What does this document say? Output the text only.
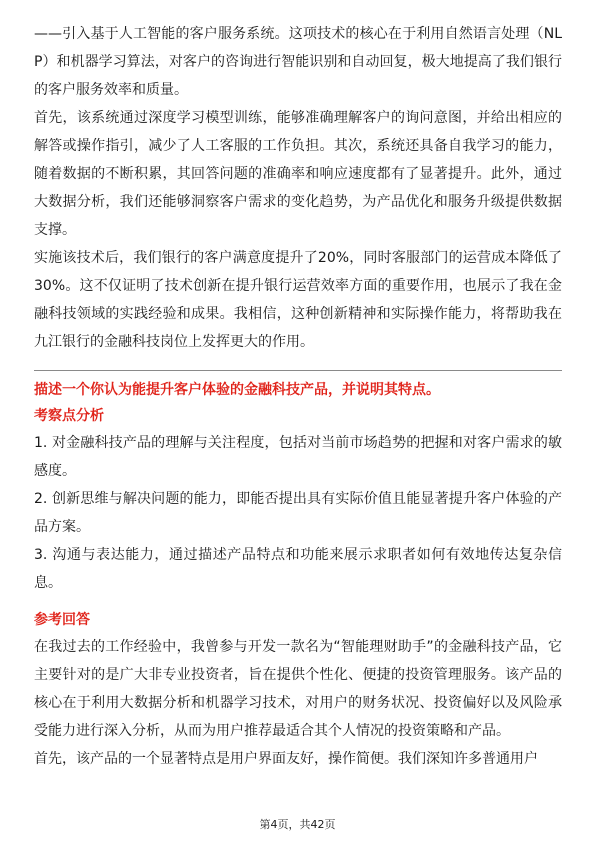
——引入基于人工智能的客户服务系统。这项技术的核心在于利用自然语言处理（NLP）和机器学习算法，对客户的咨询进行智能识别和自动回复，极大地提高了我们银行的客户服务效率和质量。

首先，该系统通过深度学习模型训练，能够准确理解客户的询问意图，并给出相应的解答或操作指引，减少了人工客服的工作负担。其次，系统还具备自我学习的能力，随着数据的不断积累，其回答问题的准确率和响应速度都有了显著提升。此外，通过大数据分析，我们还能够洞察客户需求的变化趋势，为产品优化和服务升级提供数据支撑。

实施该技术后，我们银行的客户满意度提升了20%，同时客服部门的运营成本降低了30%。这不仅证明了技术创新在提升银行运营效率方面的重要作用，也展示了我在金融科技领域的实践经验和成果。我相信，这种创新精神和实际操作能力，将帮助我在九江银行的金融科技岗位上发挥更大的作用。

描述一个你认为能提升客户体验的金融科技产品，并说明其特点。

考察点分析

1. 对金融科技产品的理解与关注程度，包括对当前市场趋势的把握和对客户需求的敏感度。

2. 创新思维与解决问题的能力，即能否提出具有实际价值且能显著提升客户体验的产品方案。

3. 沟通与表达能力，通过描述产品特点和功能来展示求职者如何有效地传达复杂信息。

参考回答

在我过去的工作经验中，我曾参与开发一款名为“智能理财助手”的金融科技产品，它主要针对的是广大非专业投资者，旨在提供个性化、便捷的投资管理服务。该产品的核心在于利用大数据分析和机器学习技术，对用户的财务状况、投资偏好以及风险承受能力进行深入分析，从而为用户推荐最适合其个人情况的投资策略和产品。

首先，该产品的一个显著特点是用户界面友好，操作简便。我们深知许多普通用户

第4页，共42页
